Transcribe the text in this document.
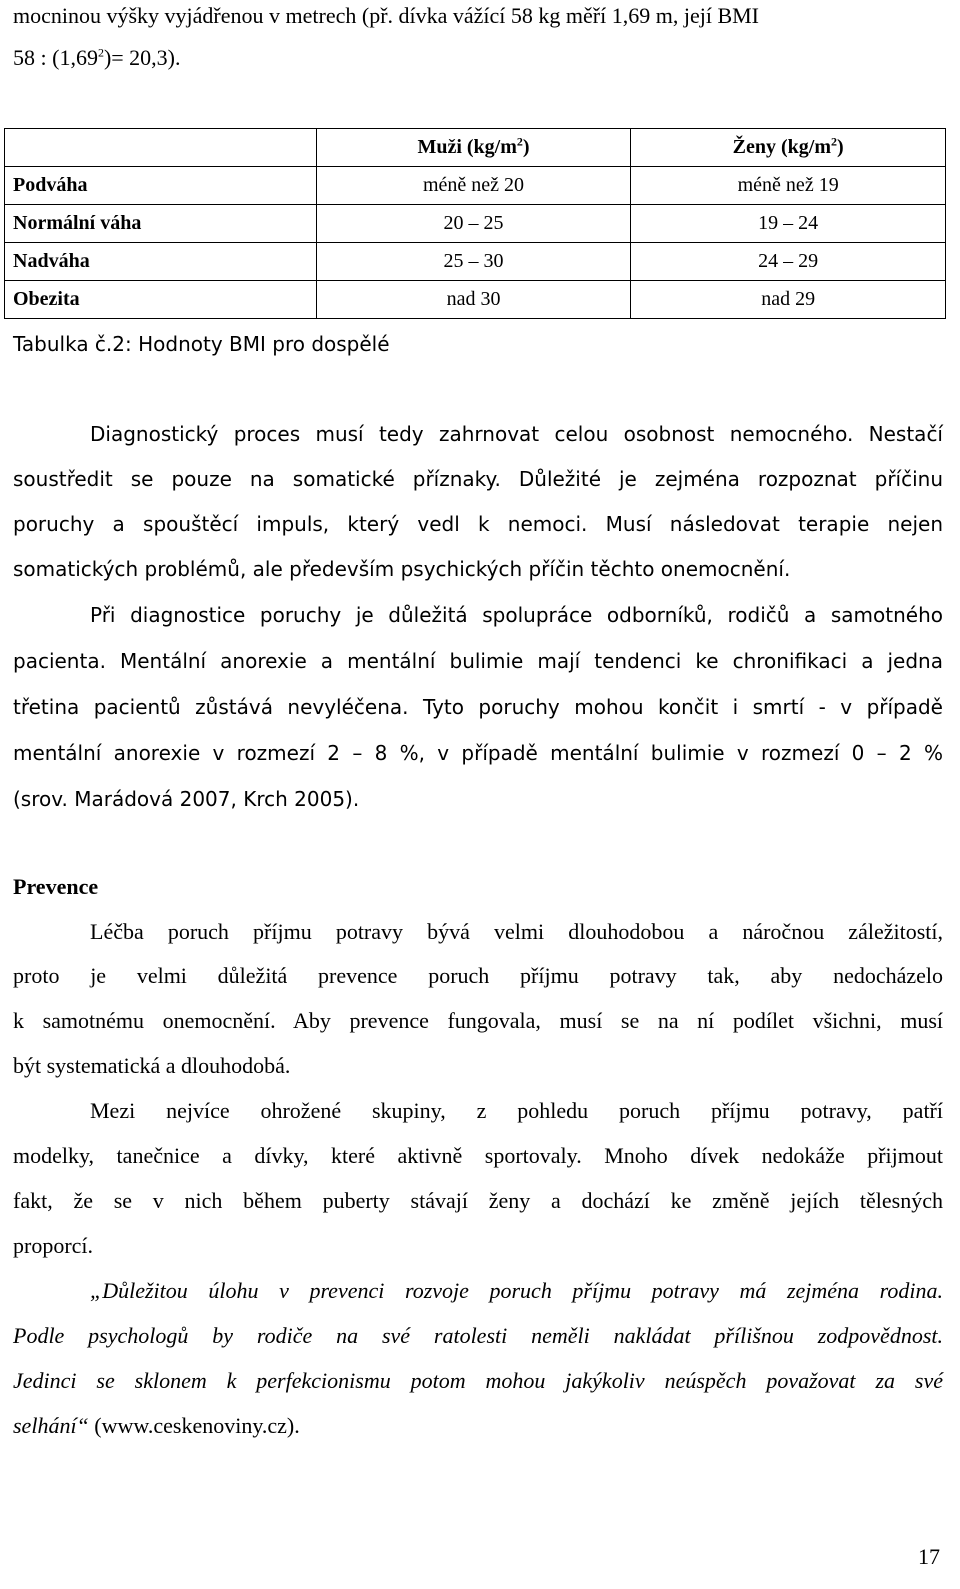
mocninou výšky vyjádřenou v metrech (př. dívka vážící 58 kg měří 1,69 m, její BMI
58 : $(1,69^2)= 20,3$).
	Muži $(kg/m^2)$	Ženy $(kg/m^2)$
Podváha	méně než 20	méně než 19
Normální váha	20 – 25	19 – 24
Nadváha	25 – 30	24 – 29
Obezita	nad 30	nad 29
Tabulka č.2: Hodnoty BMI pro dospělé
Diagnostický proces musí tedy zahrnovat celou osobnost nemocného. Nestačí
soustředit se pouze na somatické příznaky. Důležité je zejména rozpoznat příčinu
poruchy a spouštěcí impuls, který vedl k nemoci. Musí následovat terapie nejen
somatických problémů, ale především psychických příčin těchto onemocnění.
Při diagnostice poruchy je důležitá spolupráce odborníků, rodičů a samotného
pacienta. Mentální anorexie a mentální bulimie mají tendenci ke chronifikaci a jedna
třetina pacientů zůstává nevyléčena. Tyto poruchy mohou končit i smrtí - v případě
mentální anorexie v rozmezí 2 – 8 %, v případě mentální bulimie v rozmezí 0 – 2 %
(srov. Marádová 2007, Krch 2005).
Prevence
Léčba poruch příjmu potravy bývá velmi dlouhodobou a náročnou záležitostí,
proto je velmi důležitá prevence poruch příjmu potravy tak, aby nedocházelo
k samotnému onemocnění. Aby prevence fungovala, musí se na ní podílet všichni, musí
být systematická a dlouhodobá.
Mezi nejvíce ohrožené skupiny, z pohledu poruch příjmu potravy, patří
modelky, tanečnice a dívky, které aktivně sportovaly. Mnoho dívek nedokáže přijmout
fakt, že se v nich během puberty stávají ženy a dochází ke změně jejích tělesných
proporcí.
„Důležitou úlohu v prevenci rozvoje poruch příjmu potravy má zejména rodina.
Podle psychologů by rodiče na své ratolesti neměli nakládat přílišnou zodpovědnost.
Jedinci se sklonem k perfekcionismu potom mohou jakýkoliv neúspěch považovat za své
selhání“ (www.ceskenoviny.cz).
17
